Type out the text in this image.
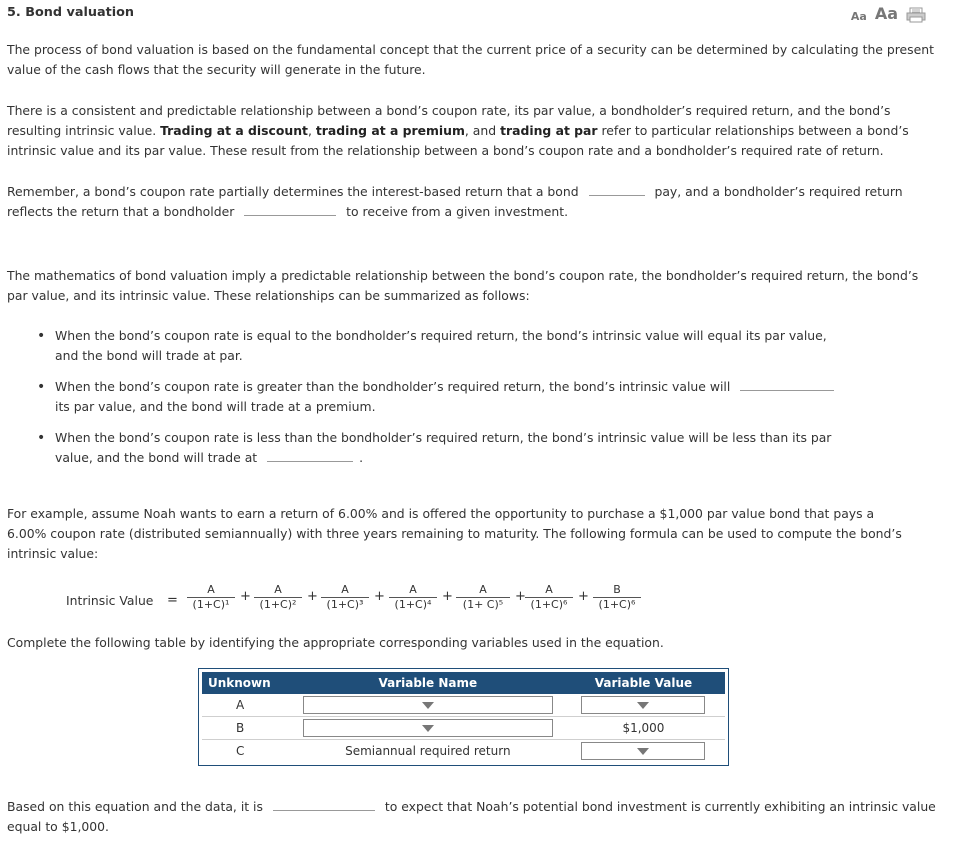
5. Bond valuation	Aa Aa

The process of bond valuation is based on the fundamental concept that the current price of a security can be determined by calculating the present value of the cash flows that the security will generate in the future.

There is a consistent and predictable relationship between a bond’s coupon rate, its par value, a bondholder’s required return, and the bond’s resulting intrinsic value. Trading at a discount, trading at a premium, and trading at par refer to particular relationships between a bond’s intrinsic value and its par value. These result from the relationship between a bond’s coupon rate and a bondholder’s required rate of return.

Remember, a bond’s coupon rate partially determines the interest-based return that a bond	pay, and a bondholder’s required return reflects the return that a bondholder	to receive from a given investment.

The mathematics of bond valuation imply a predictable relationship between the bond’s coupon rate, the bondholder’s required return, the bond’s par value, and its intrinsic value. These relationships can be summarized as follows:

• When the bond’s coupon rate is equal to the bondholder’s required return, the bond’s intrinsic value will equal its par value, and the bond will trade at par.

• When the bond’s coupon rate is greater than the bondholder’s required return, the bond’s intrinsic value will  its par value, and the bond will trade at a premium.

• When the bond’s coupon rate is less than the bondholder’s required return, the bond’s intrinsic value will be less than its par value, and the bond will trade at	.

For example, assume Noah wants to earn a return of 6.00% and is offered the opportunity to purchase a $1,000 par value bond that pays a 6.00% coupon rate (distributed semiannually) with three years remaining to maturity. The following formula can be used to compute the bond’s intrinsic value:

Intrinsic Value = $\frac{A}{\text{(1+C)¹}} + \frac{A}{\text{(1+C)²}} + \frac{A}{\text{(1+C)³}} + \frac{A}{\text{(1+C)⁴}} + \frac{A}{\text{(1+ C)⁵}} + \frac{A}{\text{(1+C)⁶}} + \frac{B}{\text{(1+C)⁶}}$

Complete the following table by identifying the appropriate corresponding variables used in the equation.

Unknown	Variable Name	Variable Value
A	

B		$1,000
C	Semiannual required return	

Based on this equation and the data, it is	to expect that Noah’s potential bond investment is currently exhibiting an intrinsic value equal to $1,000.
